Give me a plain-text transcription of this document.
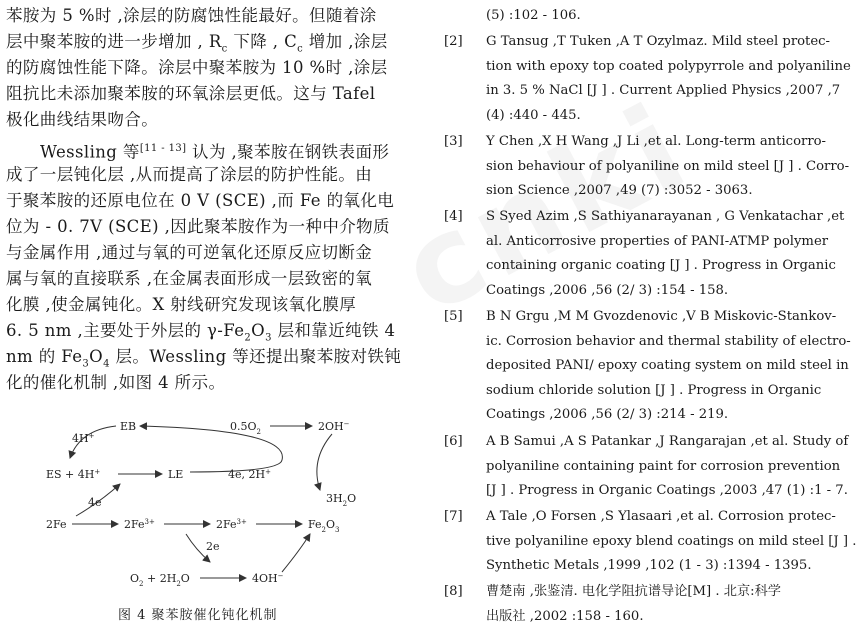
苯胺为 5 %时 ,涂层的防腐蚀性能最好。但随着涂
层中聚苯胺的进一步增加 , $R_c$ 下降 , $C_c$ 增加 ,涂层
的防腐蚀性能下降。涂层中聚苯胺为 10 %时 ,涂层
阻抗比未添加聚苯胺的环氧涂层更低。这与 Tafel
极化曲线结果吻合。
Wessling 等[11 - 13] 认为 ,聚苯胺在钢铁表面形
成了一层钝化层 ,从而提高了涂层的防护性能。由
于聚苯胺的还原电位在 0 V (SCE) ,而 Fe 的氧化电
位为 - 0. 7V (SCE) ,因此聚苯胺作为一种中介物质
与金属作用 ,通过与氧的可逆氧化还原反应切断金
属与氧的直接联系 ,在金属表面形成一层致密的氧
化膜 ,使金属钝化。X 射线研究发现该氧化膜厚
6. 5 nm ,主要处于外层的 $\gamma-Fe_2O_3$ 层和靠近纯铁 4
nm 的 $Fe_3O_4$ 层。Wessling 等还提出聚苯胺对铁钝
化的催化机制 ,如图 4 所示。
EB
4H+
ES + 4H+	LE	4e, 2H+
$0.5O_2$	2OH−
$3H_2O$
2Fe	$2Fe^{3+}$	$2Fe^{3+}$	$Fe_2O_3$
4e
2e
$O_2 + 2H_2O$	4OH−
图 4 聚苯胺催化钝化机制
(5) :102 - 106.
[2]	G Tansug ,T Tuken ,A T Ozylmaz. Mild steel protec-
tion with epoxy top coated polypyrrole and polyaniline
in 3. 5 % NaCl [J ] . Current Applied Physics ,2007 ,7
(4) :440 - 445.
[3]	Y Chen ,X H Wang ,J Li ,et al. Long-term anticorro-
sion behaviour of polyaniline on mild steel [J ] . Corro-
sion Science ,2007 ,49 (7) :3052 - 3063.
[4]	S Syed Azim ,S Sathiyanarayanan , G Venkatachar ,et
al. Anticorrosive properties of PANI-ATMP polymer
containing organic coating [J ] . Progress in Organic
Coatings ,2006 ,56 (2/ 3) :154 - 158.
[5]	B N Grgu ,M M Gvozdenovic ,V B Miskovic-Stankov-
ic. Corrosion behavior and thermal stability of electro-
deposited PANI/ epoxy coating system on mild steel in
sodium chloride solution [J ] . Progress in Organic
Coatings ,2006 ,56 (2/ 3) :214 - 219.
[6]	A B Samui ,A S Patankar ,J Rangarajan ,et al. Study of
polyaniline containing paint for corrosion prevention
[J ] . Progress in Organic Coatings ,2003 ,47 (1) :1 - 7.
[7]	A Tale ,O Forsen ,S Ylasaari ,et al. Corrosion protec-
tive polyaniline epoxy blend coatings on mild steel [J ] .
Synthetic Metals ,1999 ,102 (1 - 3) :1394 - 1395.
[8]	曹楚南 ,张鉴清. 电化学阻抗谱导论[M] . 北京:科学
出版社 ,2002 :158 - 160.
